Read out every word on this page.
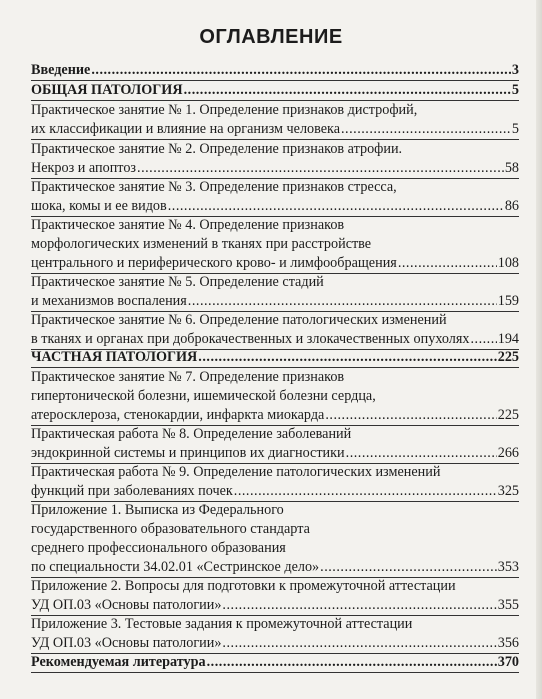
ОГЛАВЛЕНИЕ
Введение .....	3
ОБЩАЯ ПАТОЛОГИЯ .....	5
Практическое занятие № 1. Определение признаков дистрофий,
их классификации и влияние на организм человека .....	5
Практическое занятие № 2. Определение признаков атрофии.
Некроз и апоптоз .....	58
Практическое занятие № 3. Определение признаков стресса,
шока, комы и ее видов .....	86
Практическое занятие № 4. Определение признаков
морфологических изменений в тканях при расстройстве
центрального и периферического крово- и лимфообращения .....	108
Практическое занятие № 5. Определение стадий
и механизмов воспаления .....	159
Практическое занятие № 6. Определение патологических изменений
в тканях и органах при доброкачественных и злокачественных опухолях ..... 194
ЧАСТНАЯ ПАТОЛОГИЯ .....	225
Практическое занятие № 7. Определение признаков
гипертонической болезни, ишемической болезни сердца,
атеросклероза, стенокардии, инфаркта миокарда .....	225
Практическая работа № 8. Определение заболеваний
эндокринной системы и принципов их диагностики .....	266
Практическая работа № 9. Определение патологических изменений
функций при заболеваниях почек .....	325
Приложение 1. Выписка из Федерального
государственного образовательного стандарта
среднего профессионального образования
по специальности 34.02.01 «Сестринское дело» .....	353
Приложение 2. Вопросы для подготовки к промежуточной аттестации
УД ОП.03 «Основы патологии» .....	355
Приложение 3. Тестовые задания к промежуточной аттестации
УД ОП.03 «Основы патологии» .....	356
Рекомендуемая литература .....	370
